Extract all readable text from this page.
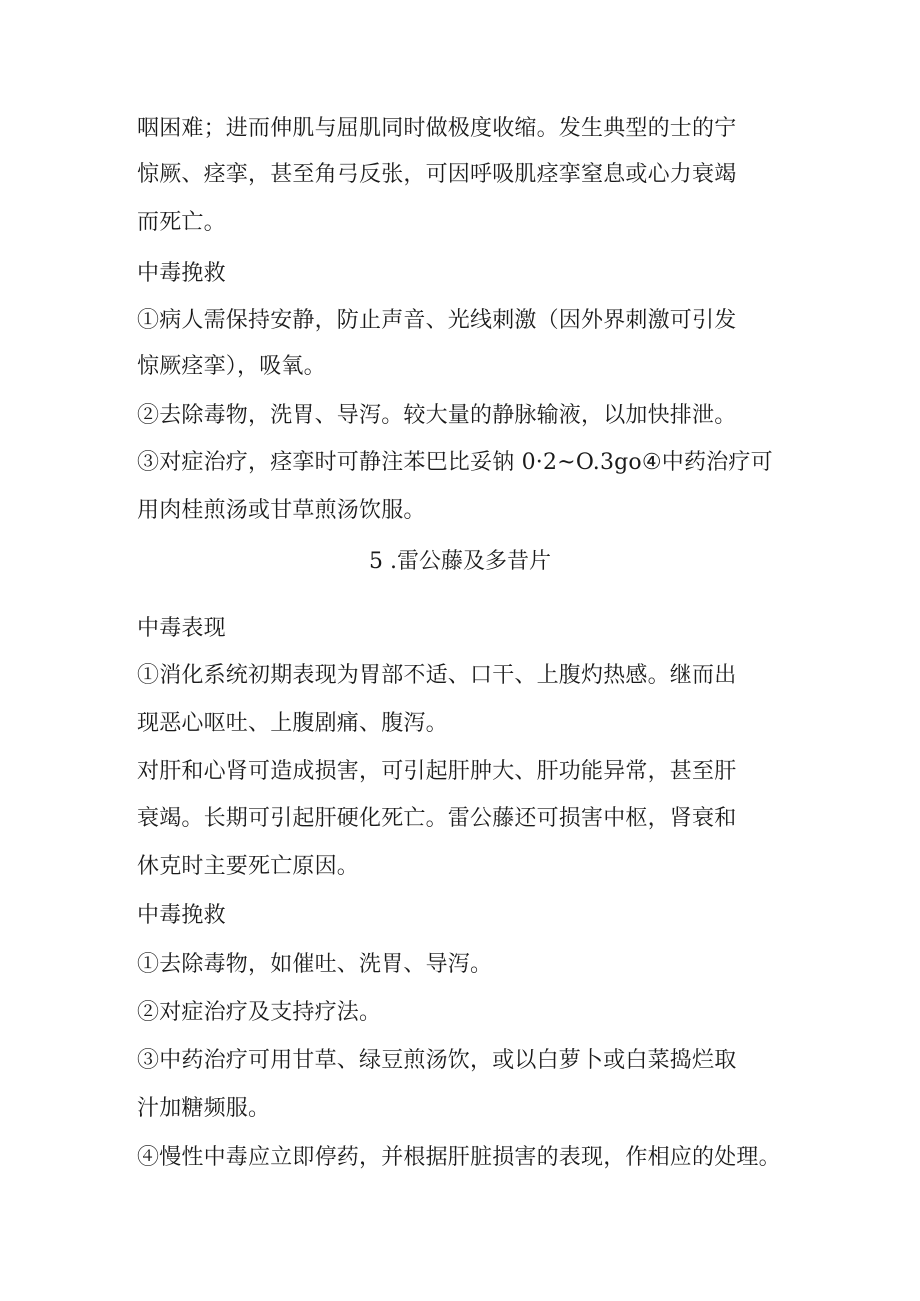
咽困难；进而伸肌与屈肌同时做极度收缩。发生典型的士的宁
惊厥、痉挛，甚至角弓反张，可因呼吸肌痉挛窒息或心力衰竭
而死亡。
中毒挽救
①病人需保持安静，防止声音、光线刺激（因外界刺激可引发
惊厥痉挛），吸氧。
②去除毒物，洗胃、导泻。较大量的静脉输液，以加快排泄。
③对症治疗，痉挛时可静注苯巴比妥钠 0·2~O.3go④中药治疗可
用肉桂煎汤或甘草煎汤饮服。
5 .雷公藤及多昔片
中毒表现
①消化系统初期表现为胃部不适、口干、上腹灼热感。继而出
现恶心呕吐、上腹剧痛、腹泻。
对肝和心肾可造成损害，可引起肝肿大、肝功能异常，甚至肝
衰竭。长期可引起肝硬化死亡。雷公藤还可损害中枢，肾衰和
休克时主要死亡原因。
中毒挽救
①去除毒物，如催吐、洗胃、导泻。
②对症治疗及支持疗法。
③中药治疗可用甘草、绿豆煎汤饮，或以白萝卜或白菜捣烂取
汁加糖频服。
④慢性中毒应立即停药，并根据肝脏损害的表现，作相应的处理。
